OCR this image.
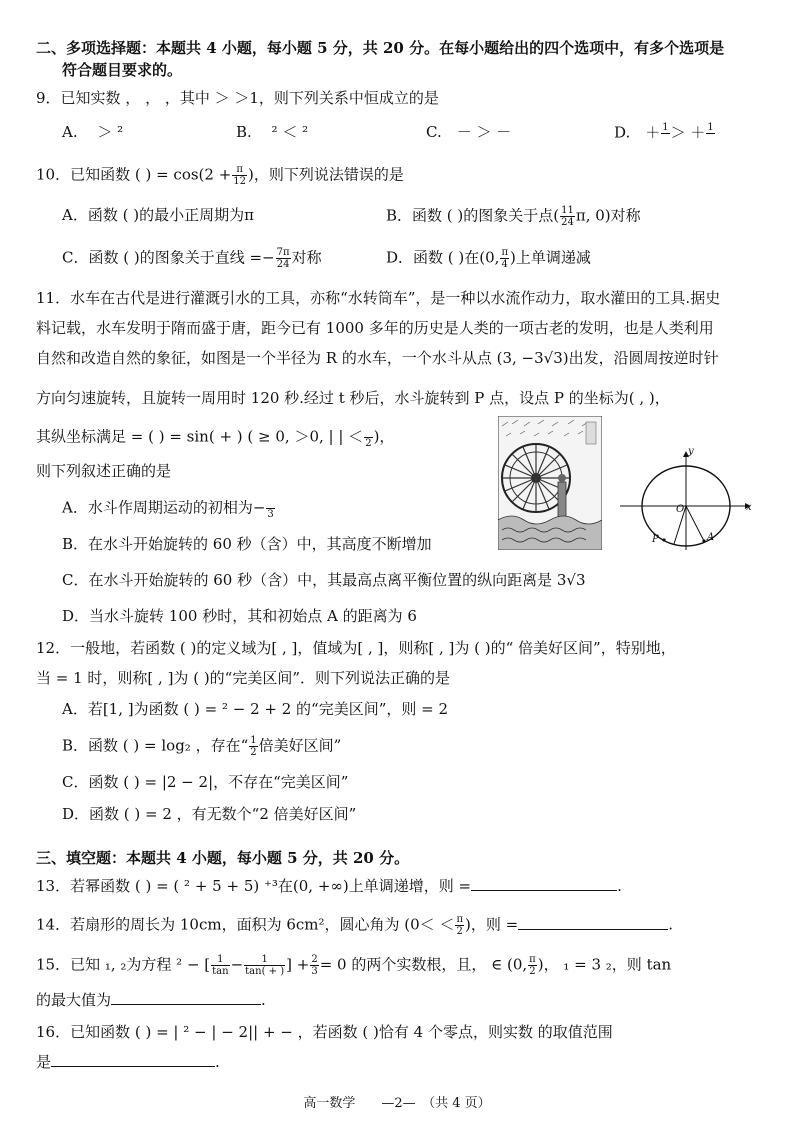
二、多项选择题：本题共 4 小题，每小题 5 分，共 20 分。在每小题给出的四个选项中，有多个选项是
符合题目要求的。
9．已知实数 ， ， ，其中 ＞ ＞1，则下列关系中恒成立的是
A.　 ＞ ²	B.　 ² ＜ ²	C.　－ ＞ －	D.　＋ 1
＞ ＋ 1

10．已知函数 ( ) = $\cos(2 + \frac{\pi}{12}$ )，则下列说法错误的是
A．函数 ( )的最小正周期为π	B．函数 ( )的图象关于点( $\frac{11}{24} \pi$, 0)对称
C．函数 ( )的图象关于直线 =− $\frac{7\pi}{24}$ 对称	D．函数 ( )在(0, $\frac{\pi}{4}$ )上单调递减
11．水车在古代是进行灌溉引水的工具，亦称“水转筒车”，是一种以水流作动力，取水灌田的工具.据史
料记载，水车发明于隋而盛于唐，距今已有 1000 多年的历史是人类的一项古老的发明，也是人类利用
自然和改造自然的象征，如图是一个半径为 R 的水车，一个水斗从点 (3, −3√3)出发，沿圆周按逆时针
方向匀速旋转，且旋转一周用时 120 秒.经过 t 秒后，水斗旋转到 P 点，设点 P 的坐标为( , )，
其纵坐标满足 = ( ) = sin( + ) ( ≥ 0, ＞0, | | ＜
2 )，
则下列叙述正确的是
A．水斗作周期运动的初相为−
3
B．在水斗开始旋转的 60 秒（含）中，其高度不断增加
C．在水斗开始旋转的 60 秒（含）中，其最高点离平衡位置的纵向距离是 3√3
D．当水斗旋转 100 秒时，其和初始点 A 的距离为 6
y
x
O
P	A
12．一般地，若函数 ( )的定义域为[ , ]，值域为[ , ]，则称[ , ]为 ( )的“ 倍美好区间”，特别地，
当 = 1 时，则称[ , ]为 ( )的“完美区间”．则下列说法正确的是
A．若[1, ]为函数 ( ) = ² − 2 + 2 的“完美区间”，则 = 2
B．函数 ( ) = log₂ ，存在“ $\frac{1}{2}$ 倍美好区间”
C．函数 ( ) = |2 − 2|，不存在“完美区间”
D．函数 ( ) = 2 ，有无数个“2 倍美好区间”
三、填空题：本题共 4 小题，每小题 5 分，共 20 分。
13．若幂函数 ( ) = ( ² + 5 + 5) ⁺³在(0, +∞)上单调递增，则 =	.
14．若扇形的周长为 10cm，面积为 6cm²，圆心角为 ($0< < \frac{\pi}{2}$ )，则 =	.
15．已知 ₁, ₂为方程 ² − [ $\frac{1}{\tan} - \frac{1}{\tan( + )}$ ] + $\frac{2}{3} = 0$ 的两个实数根，且， ∈ (0, $\frac{\pi}{2}$ )， ₁ = 3 ₂，则 tan
的最大值为	.
16．已知函数 ( ) = | ² − | − 2|| + − ，若函数 ( )恰有 4 个零点，则实数 的取值范围
是	.
高一数学　　—2—　（共 4 页）
